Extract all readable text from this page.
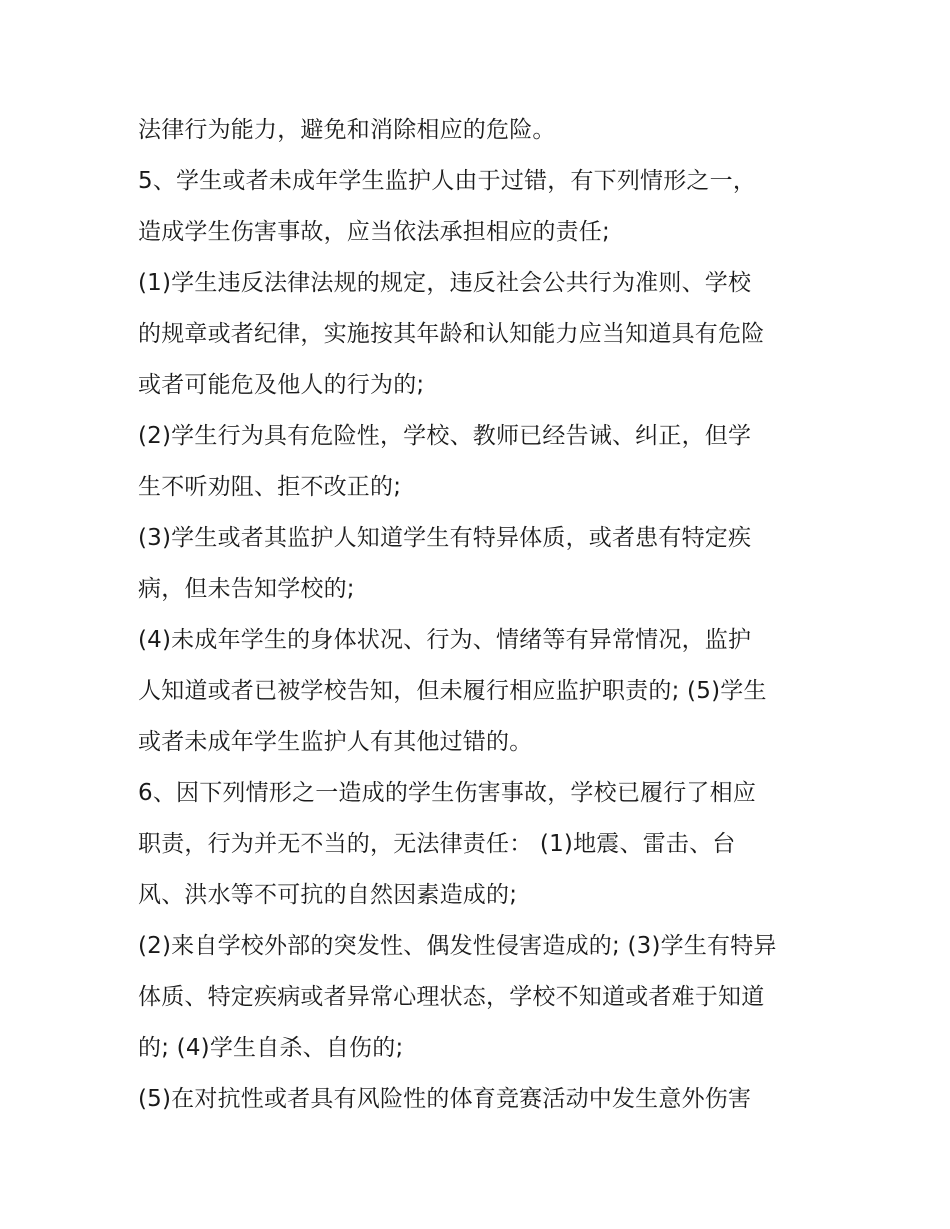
法律行为能力，避免和消除相应的危险。
5、学生或者未成年学生监护人由于过错，有下列情形之一，
造成学生伤害事故，应当依法承担相应的责任;
(1)学生违反法律法规的规定，违反社会公共行为准则、学校
的规章或者纪律，实施按其年龄和认知能力应当知道具有危险
或者可能危及他人的行为的;
(2)学生行为具有危险性，学校、教师已经告诫、纠正，但学
生不听劝阻、拒不改正的;
(3)学生或者其监护人知道学生有特异体质，或者患有特定疾
病，但未告知学校的;
(4)未成年学生的身体状况、行为、情绪等有异常情况，监护
人知道或者已被学校告知，但未履行相应监护职责的; (5)学生
或者未成年学生监护人有其他过错的。
6、因下列情形之一造成的学生伤害事故，学校已履行了相应
职责，行为并无不当的，无法律责任： (1)地震、雷击、台
风、洪水等不可抗的自然因素造成的;
(2)来自学校外部的突发性、偶发性侵害造成的; (3)学生有特异
体质、特定疾病或者异常心理状态，学校不知道或者难于知道
的; (4)学生自杀、自伤的;
(5)在对抗性或者具有风险性的体育竞赛活动中发生意外伤害
